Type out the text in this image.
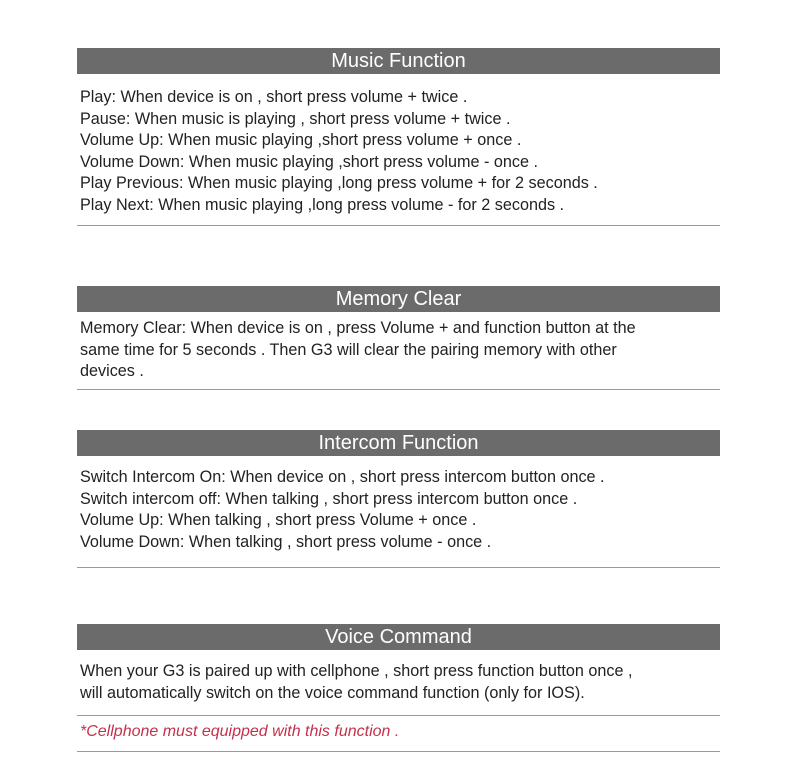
Music Function
Play: When device is on , short press volume + twice .
Pause: When music is playing , short press volume + twice .
Volume Up: When music playing ,short press volume + once .
Volume Down: When music playing ,short press volume - once .
Play Previous: When music playing ,long press volume + for 2 seconds .
Play Next: When music playing ,long press volume - for 2 seconds .
Memory Clear
Memory Clear: When device is on , press Volume + and function button at the
same time for 5 seconds . Then G3 will clear the pairing memory with other
devices .
Intercom Function
Switch Intercom On: When device on , short press intercom button once .
Switch intercom off: When talking , short press intercom button once .
Volume Up: When talking , short press Volume + once .
Volume Down: When talking , short press volume - once .
Voice Command
When your G3 is paired up with cellphone , short press function button once ,
will automatically switch on the voice command function (only for IOS).
*Cellphone must equipped with this function .
